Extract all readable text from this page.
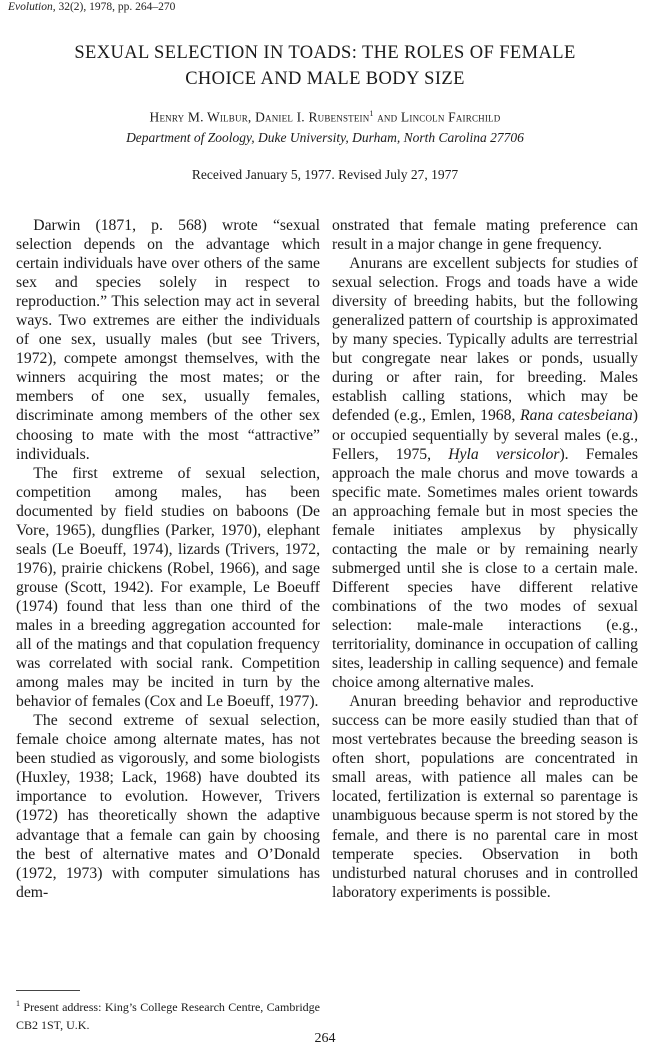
Evolution, 32(2), 1978, pp. 264–270
SEXUAL SELECTION IN TOADS: THE ROLES OF FEMALE
CHOICE AND MALE BODY SIZE
Henry M. Wilbur, Daniel I. Rubenstein$^1$ and Lincoln Fairchild
Department of Zoology, Duke University, Durham, North Carolina 27706
Received January 5, 1977. Revised July 27, 1977

Darwin (1871, p. 568) wrote “sexual selection depends on the advantage which certain individuals have over others of the same sex and species solely in respect to reproduction.” This selection may act in several ways. Two extremes are either the individuals of one sex, usually males (but see Trivers, 1972), compete amongst themselves, with the winners acquiring the most mates; or the members of one sex, usually females, discriminate among members of the other sex choosing to mate with the most “attractive” individuals.

The first extreme of sexual selection, competition among males, has been documented by field studies on baboons (De Vore, 1965), dungflies (Parker, 1970), elephant seals (Le Boeuff, 1974), lizards (Trivers, 1972, 1976), prairie chickens (Robel, 1966), and sage grouse (Scott, 1942). For example, Le Boeuff (1974) found that less than one third of the males in a breeding aggregation accounted for all of the matings and that copulation frequency was correlated with social rank. Competition among males may be incited in turn by the behavior of females (Cox and Le Boeuff, 1977).

The second extreme of sexual selection, female choice among alternate mates, has not been studied as vigorously, and some biologists (Huxley, 1938; Lack, 1968) have doubted its importance to evolution. However, Trivers (1972) has theoretically shown the adaptive advantage that a female can gain by choosing the best of alternative mates and O’Donald (1972, 1973) with computer simulations has dem-

onstrated that female mating preference can result in a major change in gene frequency.

Anurans are excellent subjects for studies of sexual selection. Frogs and toads have a wide diversity of breeding habits, but the following generalized pattern of courtship is approximated by many species. Typically adults are terrestrial but congregate near lakes or ponds, usually during or after rain, for breeding. Males establish calling stations, which may be defended (e.g., Emlen, 1968, Rana catesbeiana) or occupied sequentially by several males (e.g., Fellers, 1975, Hyla versicolor). Females approach the male chorus and move towards a specific mate. Sometimes males orient towards an approaching female but in most species the female initiates amplexus by physically contacting the male or by remaining nearly submerged until she is close to a certain male. Different species have different relative combinations of the two modes of sexual selection: male-male interactions (e.g., territoriality, dominance in occupation of calling sites, leadership in calling sequence) and female choice among alternative males.

Anuran breeding behavior and reproductive success can be more easily studied than that of most vertebrates because the breeding season is often short, populations are concentrated in small areas, with patience all males can be located, fertilization is external so parentage is unambiguous because sperm is not stored by the female, and there is no parental care in most temperate species. Observation in both undisturbed natural choruses and in controlled laboratory experiments is possible.

$^1$ Present address: King’s College Research Centre, Cambridge CB2 1ST, U.K.
264
